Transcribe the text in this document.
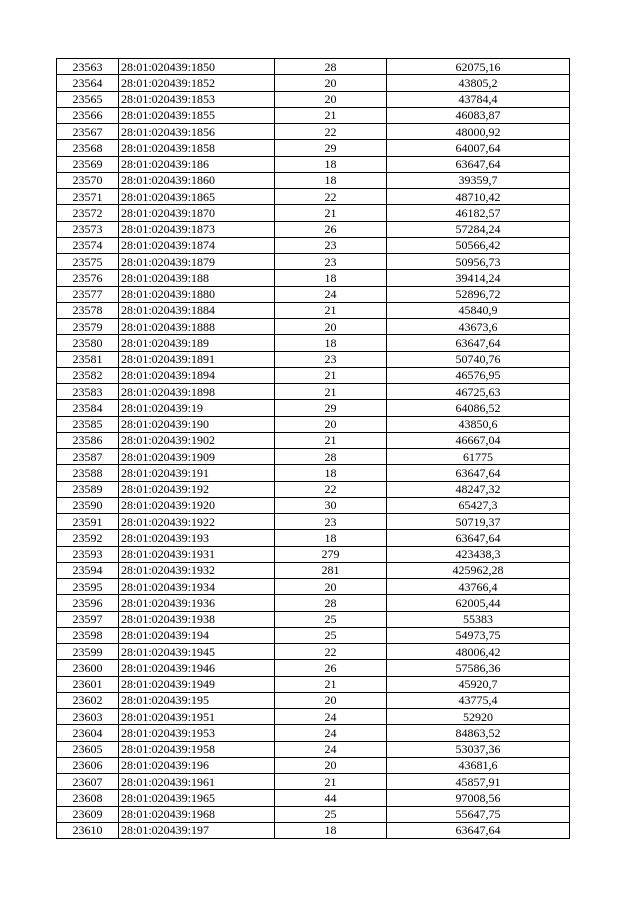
23563	28:01:020439:1850	28	62075,16
23564	28:01:020439:1852	20	43805,2
23565	28:01:020439:1853	20	43784,4
23566	28:01:020439:1855	21	46083,87
23567	28:01:020439:1856	22	48000,92
23568	28:01:020439:1858	29	64007,64
23569	28:01:020439:186	18	63647,64
23570	28:01:020439:1860	18	39359,7
23571	28:01:020439:1865	22	48710,42
23572	28:01:020439:1870	21	46182,57
23573	28:01:020439:1873	26	57284,24
23574	28:01:020439:1874	23	50566,42
23575	28:01:020439:1879	23	50956,73
23576	28:01:020439:188	18	39414,24
23577	28:01:020439:1880	24	52896,72
23578	28:01:020439:1884	21	45840,9
23579	28:01:020439:1888	20	43673,6
23580	28:01:020439:189	18	63647,64
23581	28:01:020439:1891	23	50740,76
23582	28:01:020439:1894	21	46576,95
23583	28:01:020439:1898	21	46725,63
23584	28:01:020439:19	29	64086,52
23585	28:01:020439:190	20	43850,6
23586	28:01:020439:1902	21	46667,04
23587	28:01:020439:1909	28	61775
23588	28:01:020439:191	18	63647,64
23589	28:01:020439:192	22	48247,32
23590	28:01:020439:1920	30	65427,3
23591	28:01:020439:1922	23	50719,37
23592	28:01:020439:193	18	63647,64
23593	28:01:020439:1931	279	423438,3
23594	28:01:020439:1932	281	425962,28
23595	28:01:020439:1934	20	43766,4
23596	28:01:020439:1936	28	62005,44
23597	28:01:020439:1938	25	55383
23598	28:01:020439:194	25	54973,75
23599	28:01:020439:1945	22	48006,42
23600	28:01:020439:1946	26	57586,36
23601	28:01:020439:1949	21	45920,7
23602	28:01:020439:195	20	43775,4
23603	28:01:020439:1951	24	52920
23604	28:01:020439:1953	24	84863,52
23605	28:01:020439:1958	24	53037,36
23606	28:01:020439:196	20	43681,6
23607	28:01:020439:1961	21	45857,91
23608	28:01:020439:1965	44	97008,56
23609	28:01:020439:1968	25	55647,75
23610	28:01:020439:197	18	63647,64
